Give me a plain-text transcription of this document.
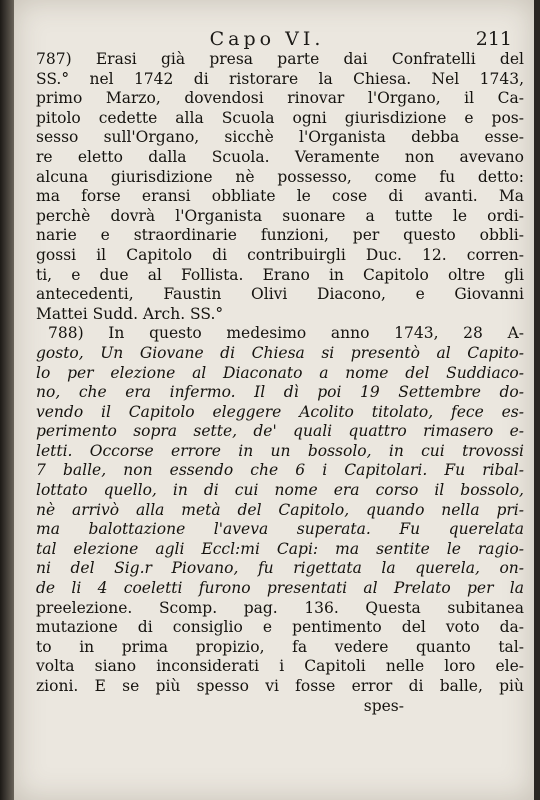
Capo VI.	211
787) Erasi già presa parte dai Confratelli del
SS.° nel 1742 di ristorare la Chiesa. Nel 1743,
primo Marzo, dovendosi rinovar l'Organo, il Ca-
pitolo cedette alla Scuola ogni giurisdizione e pos-
sesso sull'Organo, sicchè l'Organista debba esse-
re eletto dalla Scuola. Veramente non avevano
alcuna giurisdizione nè possesso, come fu detto:
ma forse eransi obbliate le cose di avanti. Ma
perchè dovrà l'Organista suonare a tutte le ordi-
narie e straordinarie funzioni, per questo obbli-
gossi il Capitolo di contribuirgli Duc. 12. corren-
ti, e due al Follista. Erano in Capitolo oltre gli
antecedenti, Faustin Olivi Diacono, e Giovanni
Mattei Sudd. Arch. SS.°
788) In questo medesimo anno 1743, 28 A-
gosto, Un Giovane di Chiesa si presentò al Capito-
lo per elezione al Diaconato a nome del Suddiaco-
no, che era infermo. Il dì poi 19 Settembre do-
vendo il Capitolo eleggere Acolito titolato, fece es-
perimento sopra sette, de' quali quattro rimasero e-
letti. Occorse errore in un bossolo, in cui trovossi
7 balle, non essendo che 6 i Capitolari. Fu ribal-
lottato quello, in di cui nome era corso il bossolo,
nè arrivò alla metà del Capitolo, quando nella pri-
ma balottazione l'aveva superata. Fu querelata
tal elezione agli Eccl:mi Capi: ma sentite le ragio-
ni del Sig.r Piovano, fu rigettata la querela, on-
de li 4 coeletti furono presentati al Prelato per la
preelezione. Scomp. pag. 136. Questa subitanea
mutazione di consiglio e pentimento del voto da-
to in prima propizio, fa vedere quanto tal-
volta siano inconsiderati i Capitoli nelle loro ele-
zioni. E se più spesso vi fosse error di balle, più
spes-
